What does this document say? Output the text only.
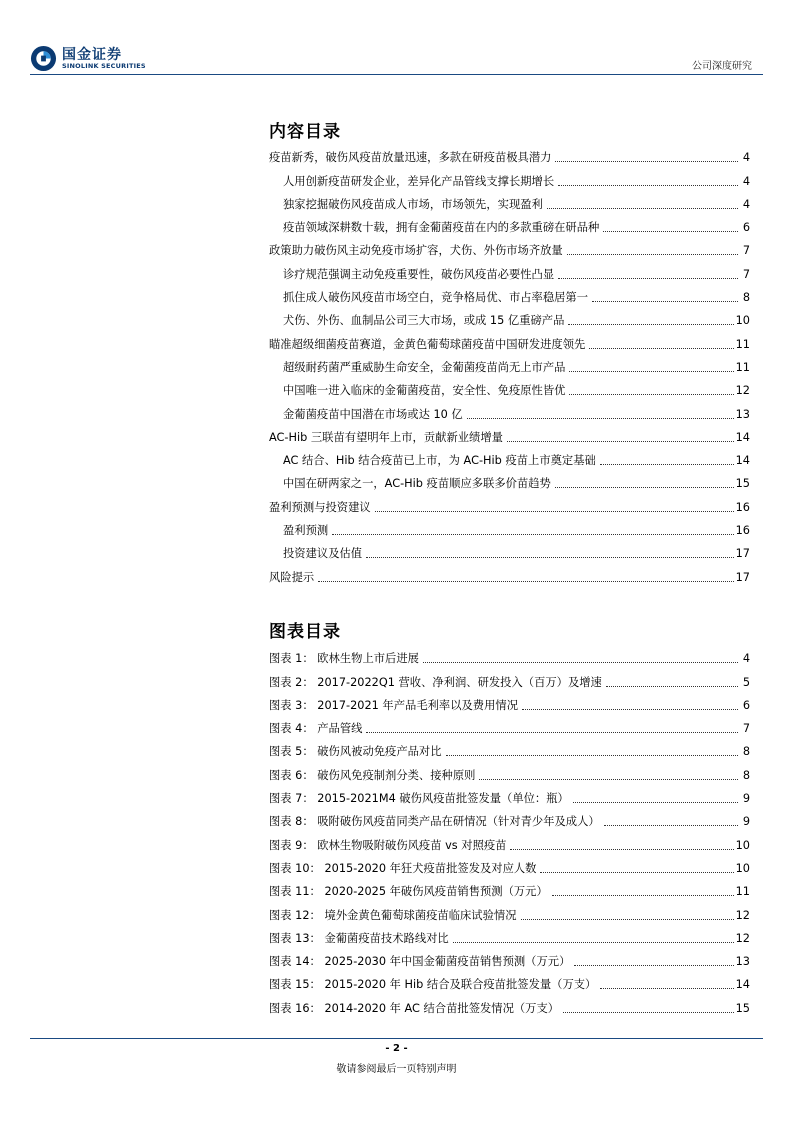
国金证券
SINOLINK SECURITIES	公司深度研究
内容目录
疫苗新秀，破伤风疫苗放量迅速，多款在研疫苗极具潜力	4
人用创新疫苗研发企业，差异化产品管线支撑长期增长	4
独家挖掘破伤风疫苗成人市场，市场领先，实现盈利	4
疫苗领域深耕数十载，拥有金葡菌疫苗在内的多款重磅在研品种	6
政策助力破伤风主动免疫市场扩容，犬伤、外伤市场齐放量	7
诊疗规范强调主动免疫重要性，破伤风疫苗必要性凸显	7
抓住成人破伤风疫苗市场空白，竞争格局优、市占率稳居第一	8
犬伤、外伤、血制品公司三大市场，或成 15 亿重磅产品	10
瞄准超级细菌疫苗赛道，金黄色葡萄球菌疫苗中国研发进度领先	11
超级耐药菌严重威胁生命安全，金葡菌疫苗尚无上市产品	11
中国唯一进入临床的金葡菌疫苗，安全性、免疫原性皆优	12
金葡菌疫苗中国潜在市场或达 10 亿	13
AC-Hib 三联苗有望明年上市，贡献新业绩增量	14
AC 结合、Hib 结合疫苗已上市，为 AC-Hib 疫苗上市奠定基础	14
中国在研两家之一，AC-Hib 疫苗顺应多联多价苗趋势	15
盈利预测与投资建议	16
盈利预测	16
投资建议及估值	17
风险提示	17
图表目录
图表 1： 欧林生物上市后进展	4
图表 2： 2017-2022Q1 营收、净利润、研发投入（百万）及增速	5
图表 3： 2017-2021 年产品毛利率以及费用情况	6
图表 4： 产品管线	7
图表 5： 破伤风被动免疫产品对比	8
图表 6： 破伤风免疫制剂分类、接种原则	8
图表 7： 2015-2021M4 破伤风疫苗批签发量（单位：瓶）	9
图表 8： 吸附破伤风疫苗同类产品在研情况（针对青少年及成人）	9
图表 9： 欧林生物吸附破伤风疫苗 vs 对照疫苗	10
图表 10： 2015-2020 年狂犬疫苗批签发及对应人数	10
图表 11： 2020-2025 年破伤风疫苗销售预测（万元）	11
图表 12： 境外金黄色葡萄球菌疫苗临床试验情况	12
图表 13： 金葡菌疫苗技术路线对比	12
图表 14： 2025-2030 年中国金葡菌疫苗销售预测（万元）	13
图表 15： 2015-2020 年 Hib 结合及联合疫苗批签发量（万支）	14
图表 16： 2014-2020 年 AC 结合苗批签发情况（万支）	15
- 2 -
敬请参阅最后一页特别声明
